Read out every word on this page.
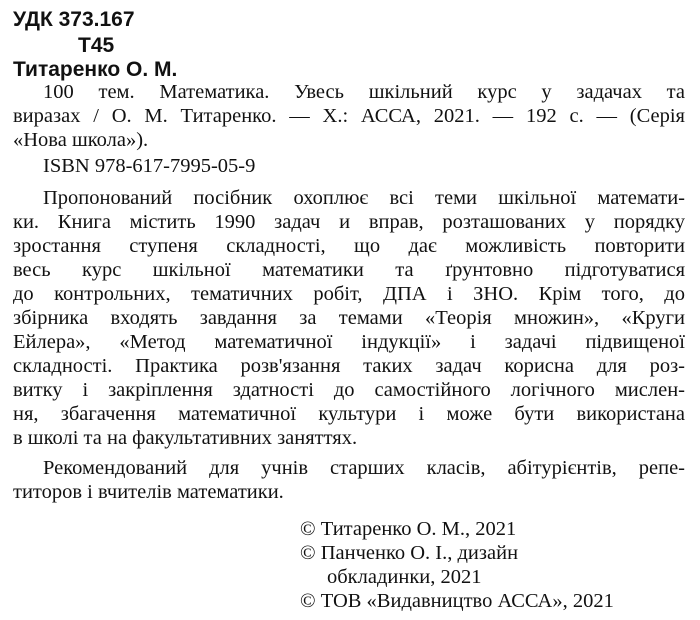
УДК 373.167
Т45
Титаренко О. М.
100 тем. Математика. Увесь шкільний курс у задачах та
виразах / О. М. Титаренко. — Х.: АССА, 2021. — 192 с. — (Серія
«Нова школа»).
ISBN 978-617-7995-05-9
Пропонований посібник охоплює всі теми шкільної математи-
ки. Книга містить 1990 задач и вправ, розташованих у порядку
зростання ступеня складності, що дає можливість повторити
весь курс шкільної математики та ґрунтовно підготуватися
до контрольних, тематичних робіт, ДПА і ЗНО. Крім того, до
збірника входять завдання за темами «Теорія множин», «Круги
Ейлера», «Метод математичної індукції» і задачі підвищеної
складності. Практика розв'язання таких задач корисна для роз-
витку і закріплення здатності до самостійного логічного мислен-
ня, збагачення математичної культури і може бути використана
в школі та на факультативних заняттях.
Рекомендований для учнів старших класів, абітурієнтів, репе-
титоров і вчителів математики.
© Титаренко О. М., 2021
© Панченко О. І., дизайн
обкладинки, 2021
© ТОВ «Видавництво АССА», 2021
